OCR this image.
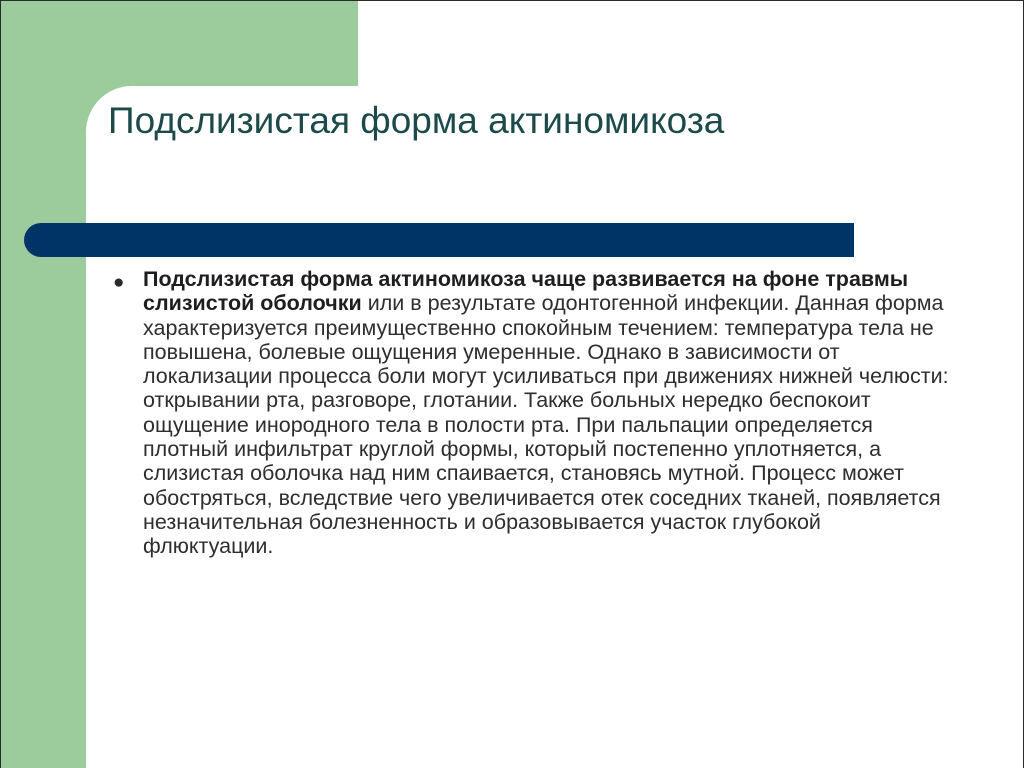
Подслизистая форма актиномикоза
● Подслизистая форма актиномикоза чаще развивается на фоне травмы слизистой оболочки или в результате одонтогенной инфекции. Данная форма характеризуется преимущественно спокойным течением: температура тела не повышена, болевые ощущения умеренные. Однако в зависимости от локализации процесса боли могут усиливаться при движениях нижней челюсти: открывании рта, разговоре, глотании. Также больных нередко беспокоит ощущение инородного тела в полости рта. При пальпации определяется плотный инфильтрат круглой формы, который постепенно уплотняется, а слизистая оболочка над ним спаивается, становясь мутной. Процесс может обостряться, вследствие чего увеличивается отек соседних тканей, появляется незначительная болезненность и образовывается участок глубокой флюктуации.
